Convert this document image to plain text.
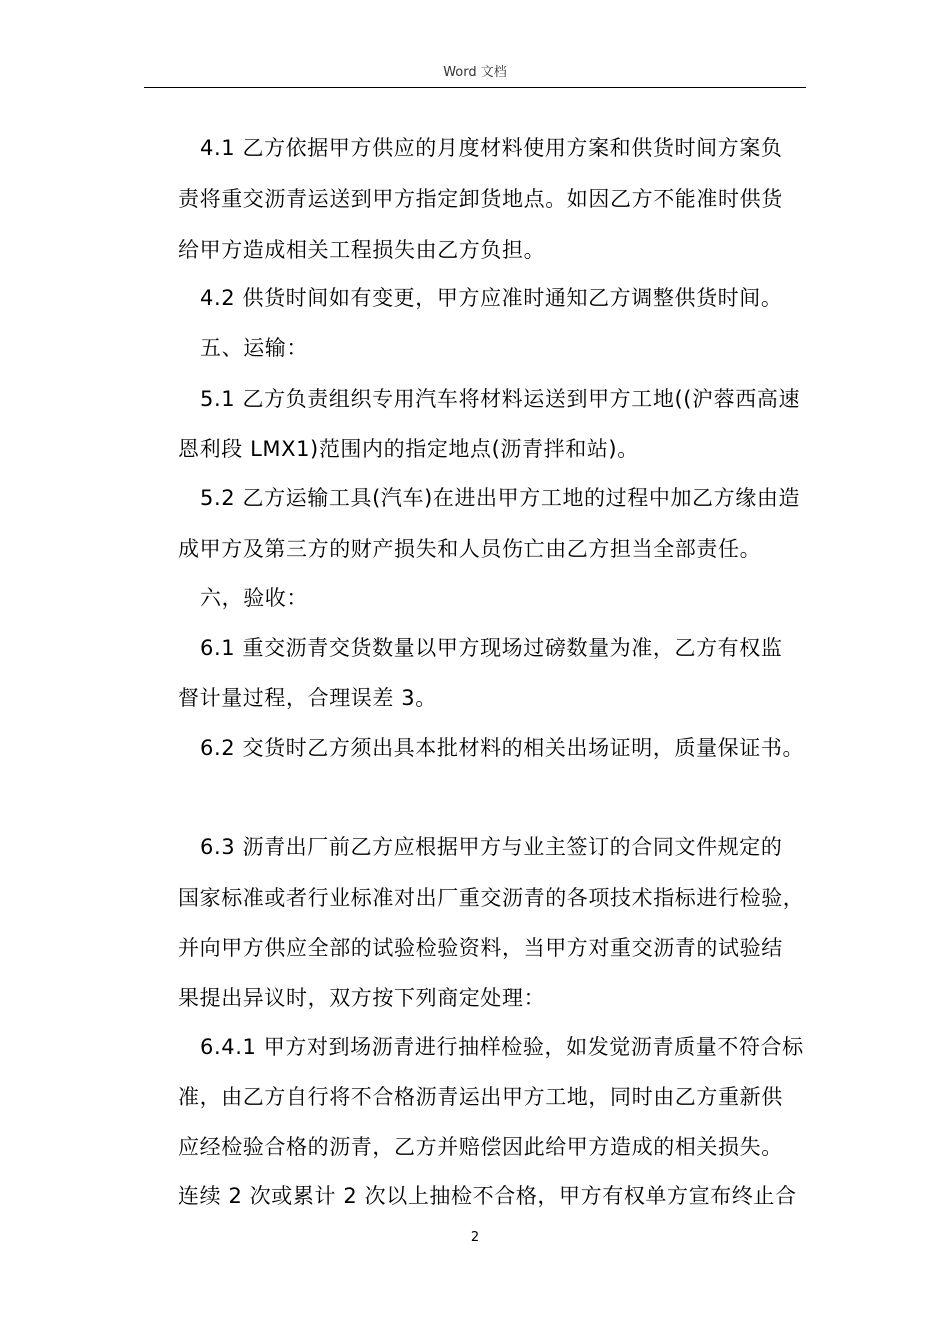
Word 文档
4.1 乙方依据甲方供应的月度材料使用方案和供货时间方案负
责将重交沥青运送到甲方指定卸货地点。如因乙方不能准时供货
给甲方造成相关工程损失由乙方负担。
4.2 供货时间如有变更，甲方应准时通知乙方调整供货时间。
五、运输：
5.1 乙方负责组织专用汽车将材料运送到甲方工地((沪蓉西高速
恩利段 LMX1)范围内的指定地点(沥青拌和站)。
5.2 乙方运输工具(汽车)在进出甲方工地的过程中加乙方缘由造
成甲方及第三方的财产损失和人员伤亡由乙方担当全部责任。
六，验收：
6.1 重交沥青交货数量以甲方现场过磅数量为准，乙方有权监
督计量过程，合理误差 3。
6.2 交货时乙方须出具本批材料的相关出场证明，质量保证书。
6.3 沥青出厂前乙方应根据甲方与业主签订的合同文件规定的
国家标准或者行业标准对出厂重交沥青的各项技术指标进行检验，
并向甲方供应全部的试验检验资料，当甲方对重交沥青的试验结
果提出异议时，双方按下列商定处理：
6.4.1 甲方对到场沥青进行抽样检验，如发觉沥青质量不符合标
准，由乙方自行将不合格沥青运出甲方工地，同时由乙方重新供
应经检验合格的沥青，乙方并赔偿因此给甲方造成的相关损失。
连续 2 次或累计 2 次以上抽检不合格，甲方有权单方宣布终止合
2
